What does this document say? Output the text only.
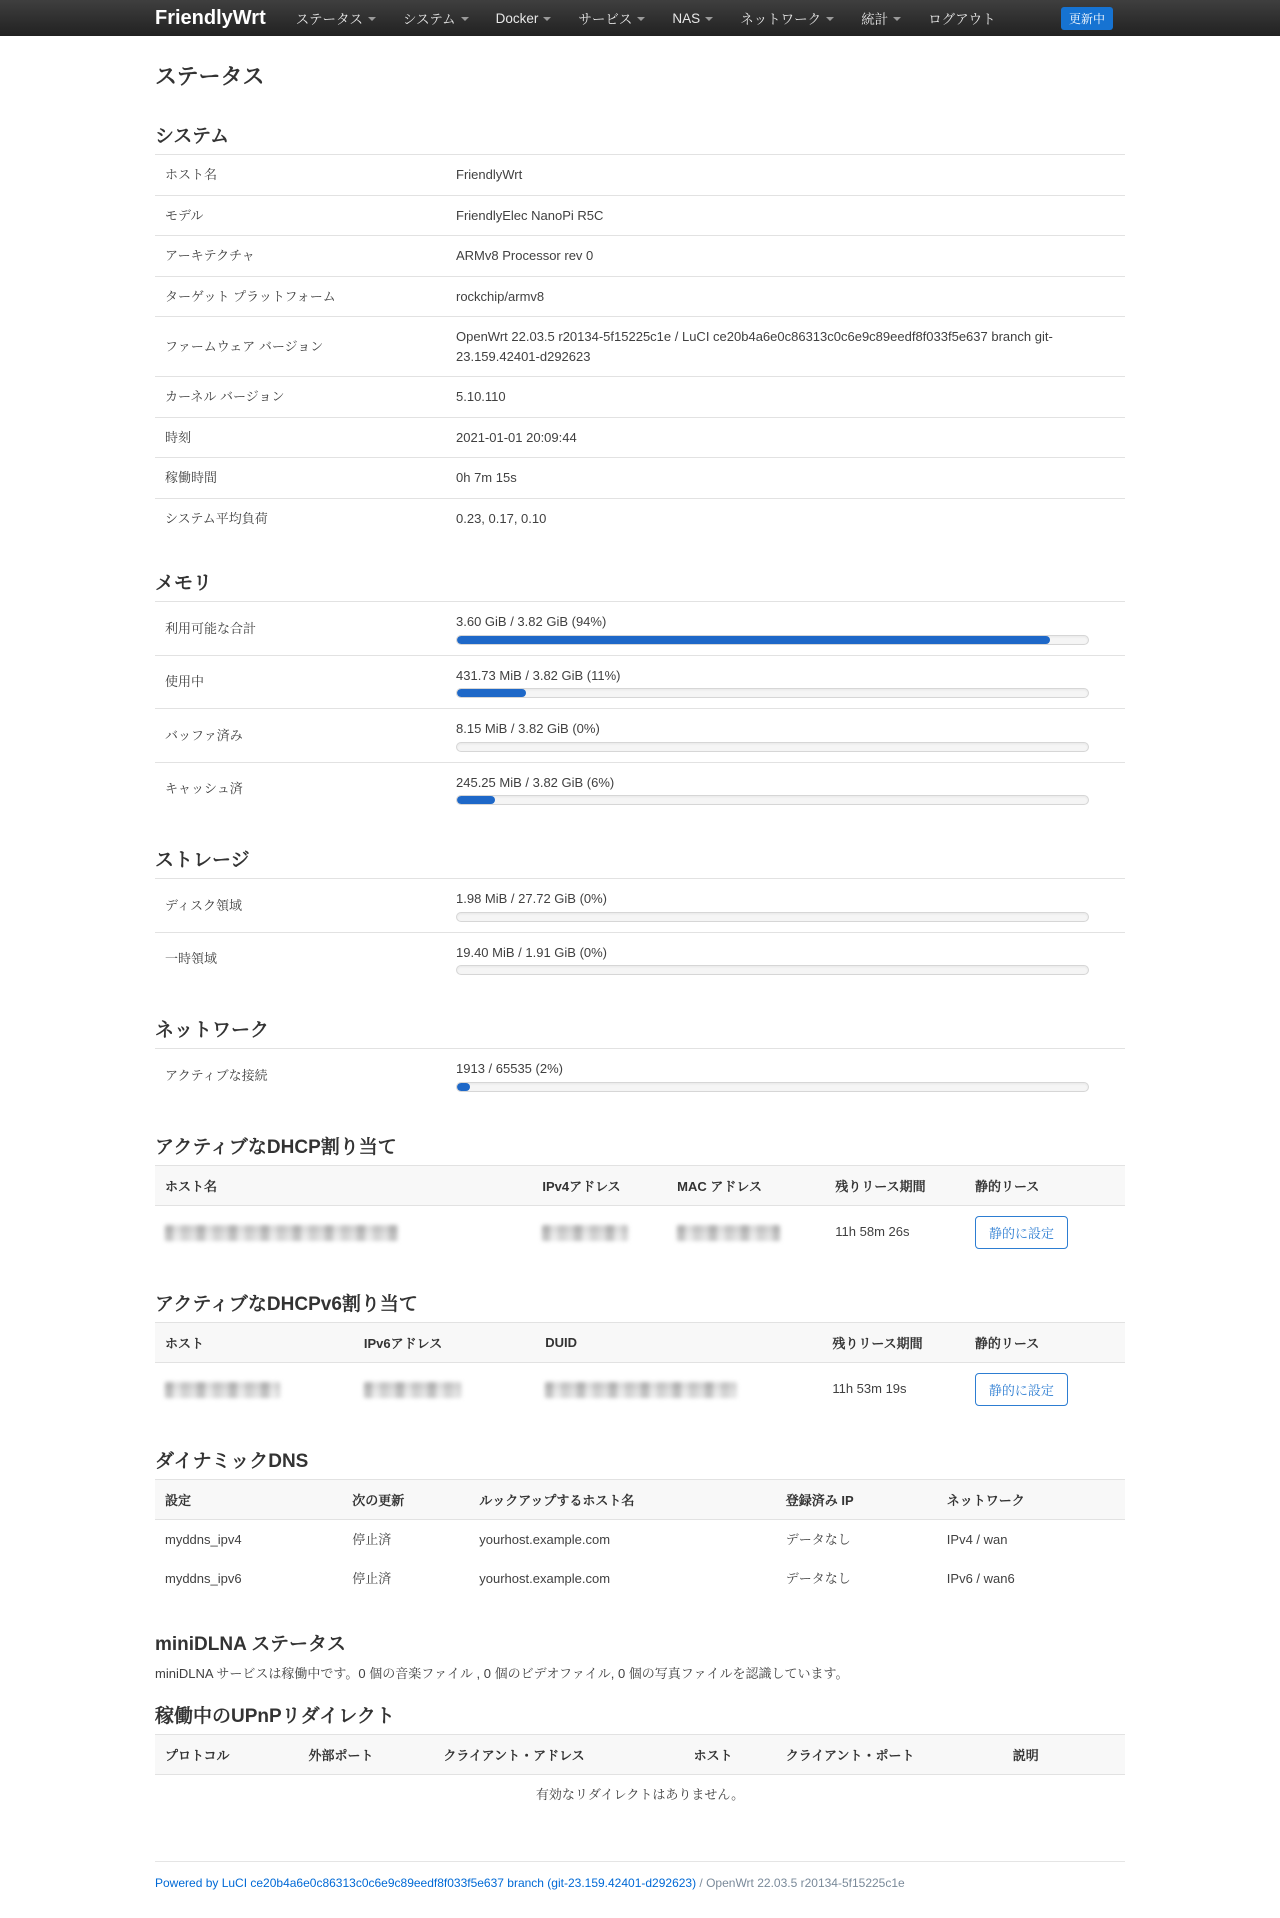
FriendlyWrt ステータス	システム	Docker	サービス	NAS	ネットワーク	統計	ログアウト	更新中
ステータス
システム
ホスト名	FriendlyWrt
モデル	FriendlyElec NanoPi R5C
アーキテクチャ	ARMv8 Processor rev 0
ターゲット プラットフォーム	rockchip/armv8
ファームウェア バージョン	OpenWrt 22.03.5 r20134-5f15225c1e / LuCI ce20b4a6e0c86313c0c6e9c89eedf8f033f5e637 branch git-23.159.42401-d292623
カーネル バージョン	5.10.110
時刻	2021-01-01 20:09:44
稼働時間	0h 7m 15s
システム平均負荷	0.23, 0.17, 0.10
メモリ
利用可能な合計	3.60 GiB / 3.82 GiB (94%)

使用中	431.73 MiB / 3.82 GiB (11%)

バッファ済み	8.15 MiB / 3.82 GiB (0%)

キャッシュ済	245.25 MiB / 3.82 GiB (6%)
ストレージ
ディスク領域	1.98 MiB / 27.72 GiB (0%)

一時領域	19.40 MiB / 1.91 GiB (0%)
ネットワーク
アクティブな接続	1913 / 65535 (2%)
アクティブなDHCP割り当て
ホスト名	IPv4アドレス	MAC アドレス	残りリース期間	静的リース
			11h 58m 26s	静的に設定
アクティブなDHCPv6割り当て
ホスト	IPv6アドレス	DUID	残りリース期間	静的リース
			11h 53m 19s	静的に設定
ダイナミックDNS
設定	次の更新	ルックアップするホスト名	登録済み IP	ネットワーク
myddns_ipv4	停止済	yourhost.example.com	データなし	IPv4 / wan
myddns_ipv6	停止済	yourhost.example.com	データなし	IPv6 / wan6
miniDLNA ステータス

miniDLNA サービスは稼働中です。0 個の音楽ファイル , 0 個のビデオファイル, 0 個の写真ファイルを認識しています。

稼働中のUPnPリダイレクト
プロトコル	外部ポート	クライアント・アドレス	ホスト	クライアント・ポート	説明
有効なリダイレクトはありません。
Powered by LuCI ce20b4a6e0c86313c0c6e9c89eedf8f033f5e637 branch (git-23.159.42401-d292623) / OpenWrt 22.03.5 r20134-5f15225c1e
